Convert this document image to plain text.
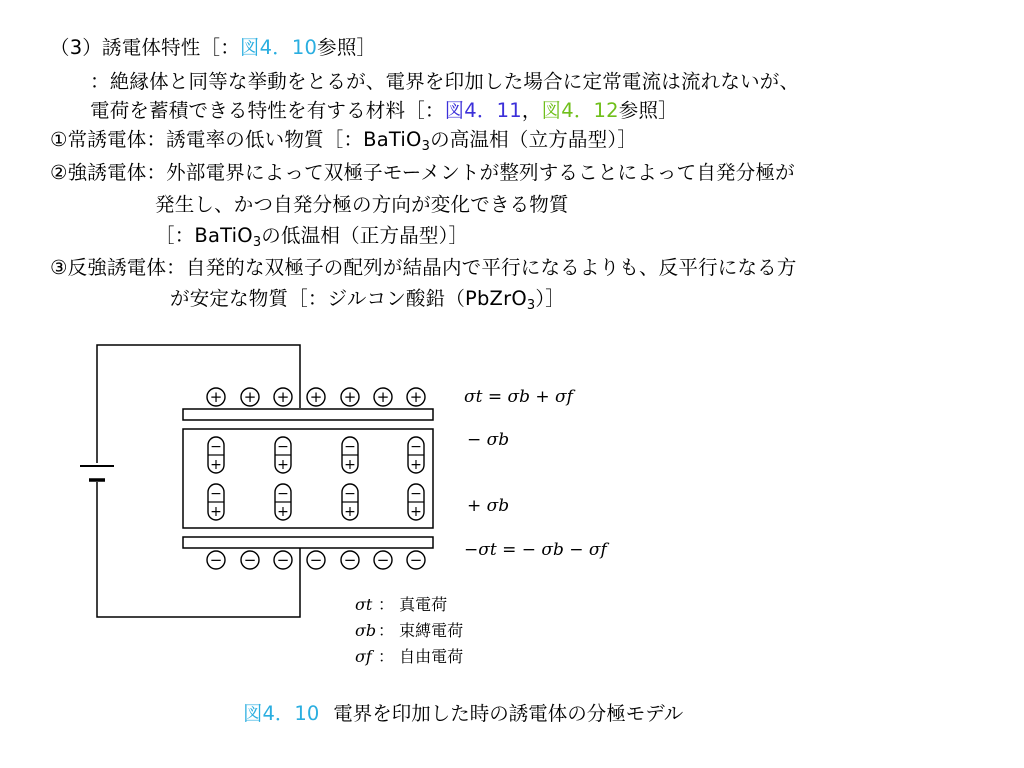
（3）誘電体特性［：図4．10参照］
：絶縁体と同等な挙動をとるが、電界を印加した場合に定常電流は流れないが、
電荷を蓄積できる特性を有する材料［：図4．11，図4．12参照］
①常誘電体：誘電率の低い物質［：BaTiO$_3$の高温相（立方晶型）］
②強誘電体：外部電界によって双極子モーメントが整列することによって自発分極が
発生し、かつ自発分極の方向が変化できる物質
［：BaTiO$_3$の低温相（正方晶型）］
③反強誘電体：自発的な双極子の配列が結晶内で平行になるよりも、反平行になる方
が安定な物質［：ジルコン酸鉛（PbZrO$_3$）］
+ + + + + + +
− − − − − − −
−
+
−
+
−
+
−
+
−
+
−
+
−
+
−
+
σt = σb + σf
− σb
+ σb
−σt = − σb − σf
σt ： 真電荷
σb ： 束縛電荷
σf ： 自由電荷
図4．10 電界を印加した時の誘電体の分極モデル
